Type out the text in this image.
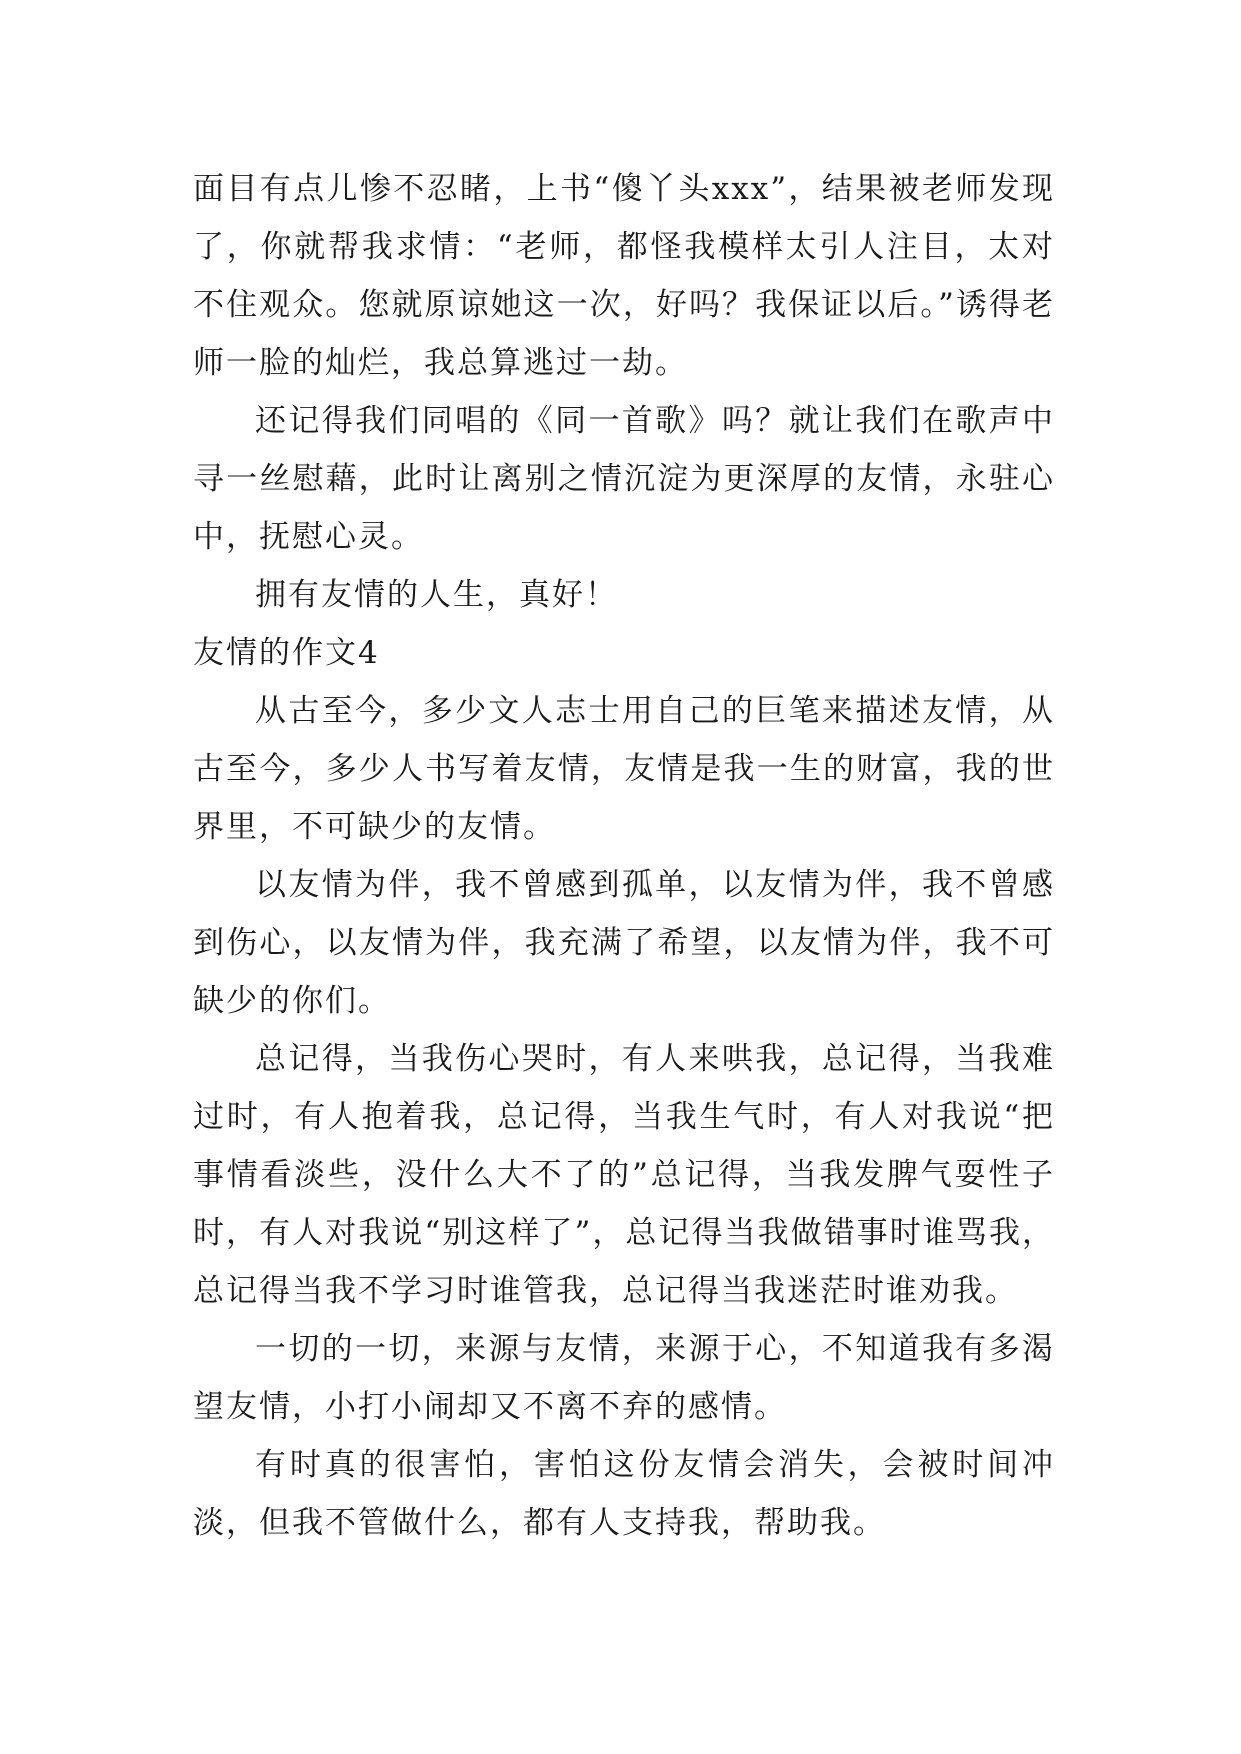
面目有点儿惨不忍睹，上书“傻丫头xxx”，结果被老师发现了，你就帮我求情：“老师，都怪我模样太引人注目，太对不住观众。您就原谅她这一次，好吗？我保证以后。”诱得老师一脸的灿烂，我总算逃过一劫。

还记得我们同唱的《同一首歌》吗？就让我们在歌声中寻一丝慰藉，此时让离别之情沉淀为更深厚的友情，永驻心中，抚慰心灵。

拥有友情的人生，真好！

友情的作文4

从古至今，多少文人志士用自己的巨笔来描述友情，从古至今，多少人书写着友情，友情是我一生的财富，我的世界里，不可缺少的友情。

以友情为伴，我不曾感到孤单，以友情为伴，我不曾感到伤心，以友情为伴，我充满了希望，以友情为伴，我不可缺少的你们。

总记得，当我伤心哭时，有人来哄我，总记得，当我难过时，有人抱着我，总记得，当我生气时，有人对我说“把事情看淡些，没什么大不了的”总记得，当我发脾气耍性子时，有人对我说“别这样了”，总记得当我做错事时谁骂我，总记得当我不学习时谁管我，总记得当我迷茫时谁劝我。

一切的一切，来源与友情，来源于心，不知道我有多渴望友情，小打小闹却又不离不弃的感情。

有时真的很害怕，害怕这份友情会消失，会被时间冲淡，但我不管做什么，都有人支持我，帮助我。
